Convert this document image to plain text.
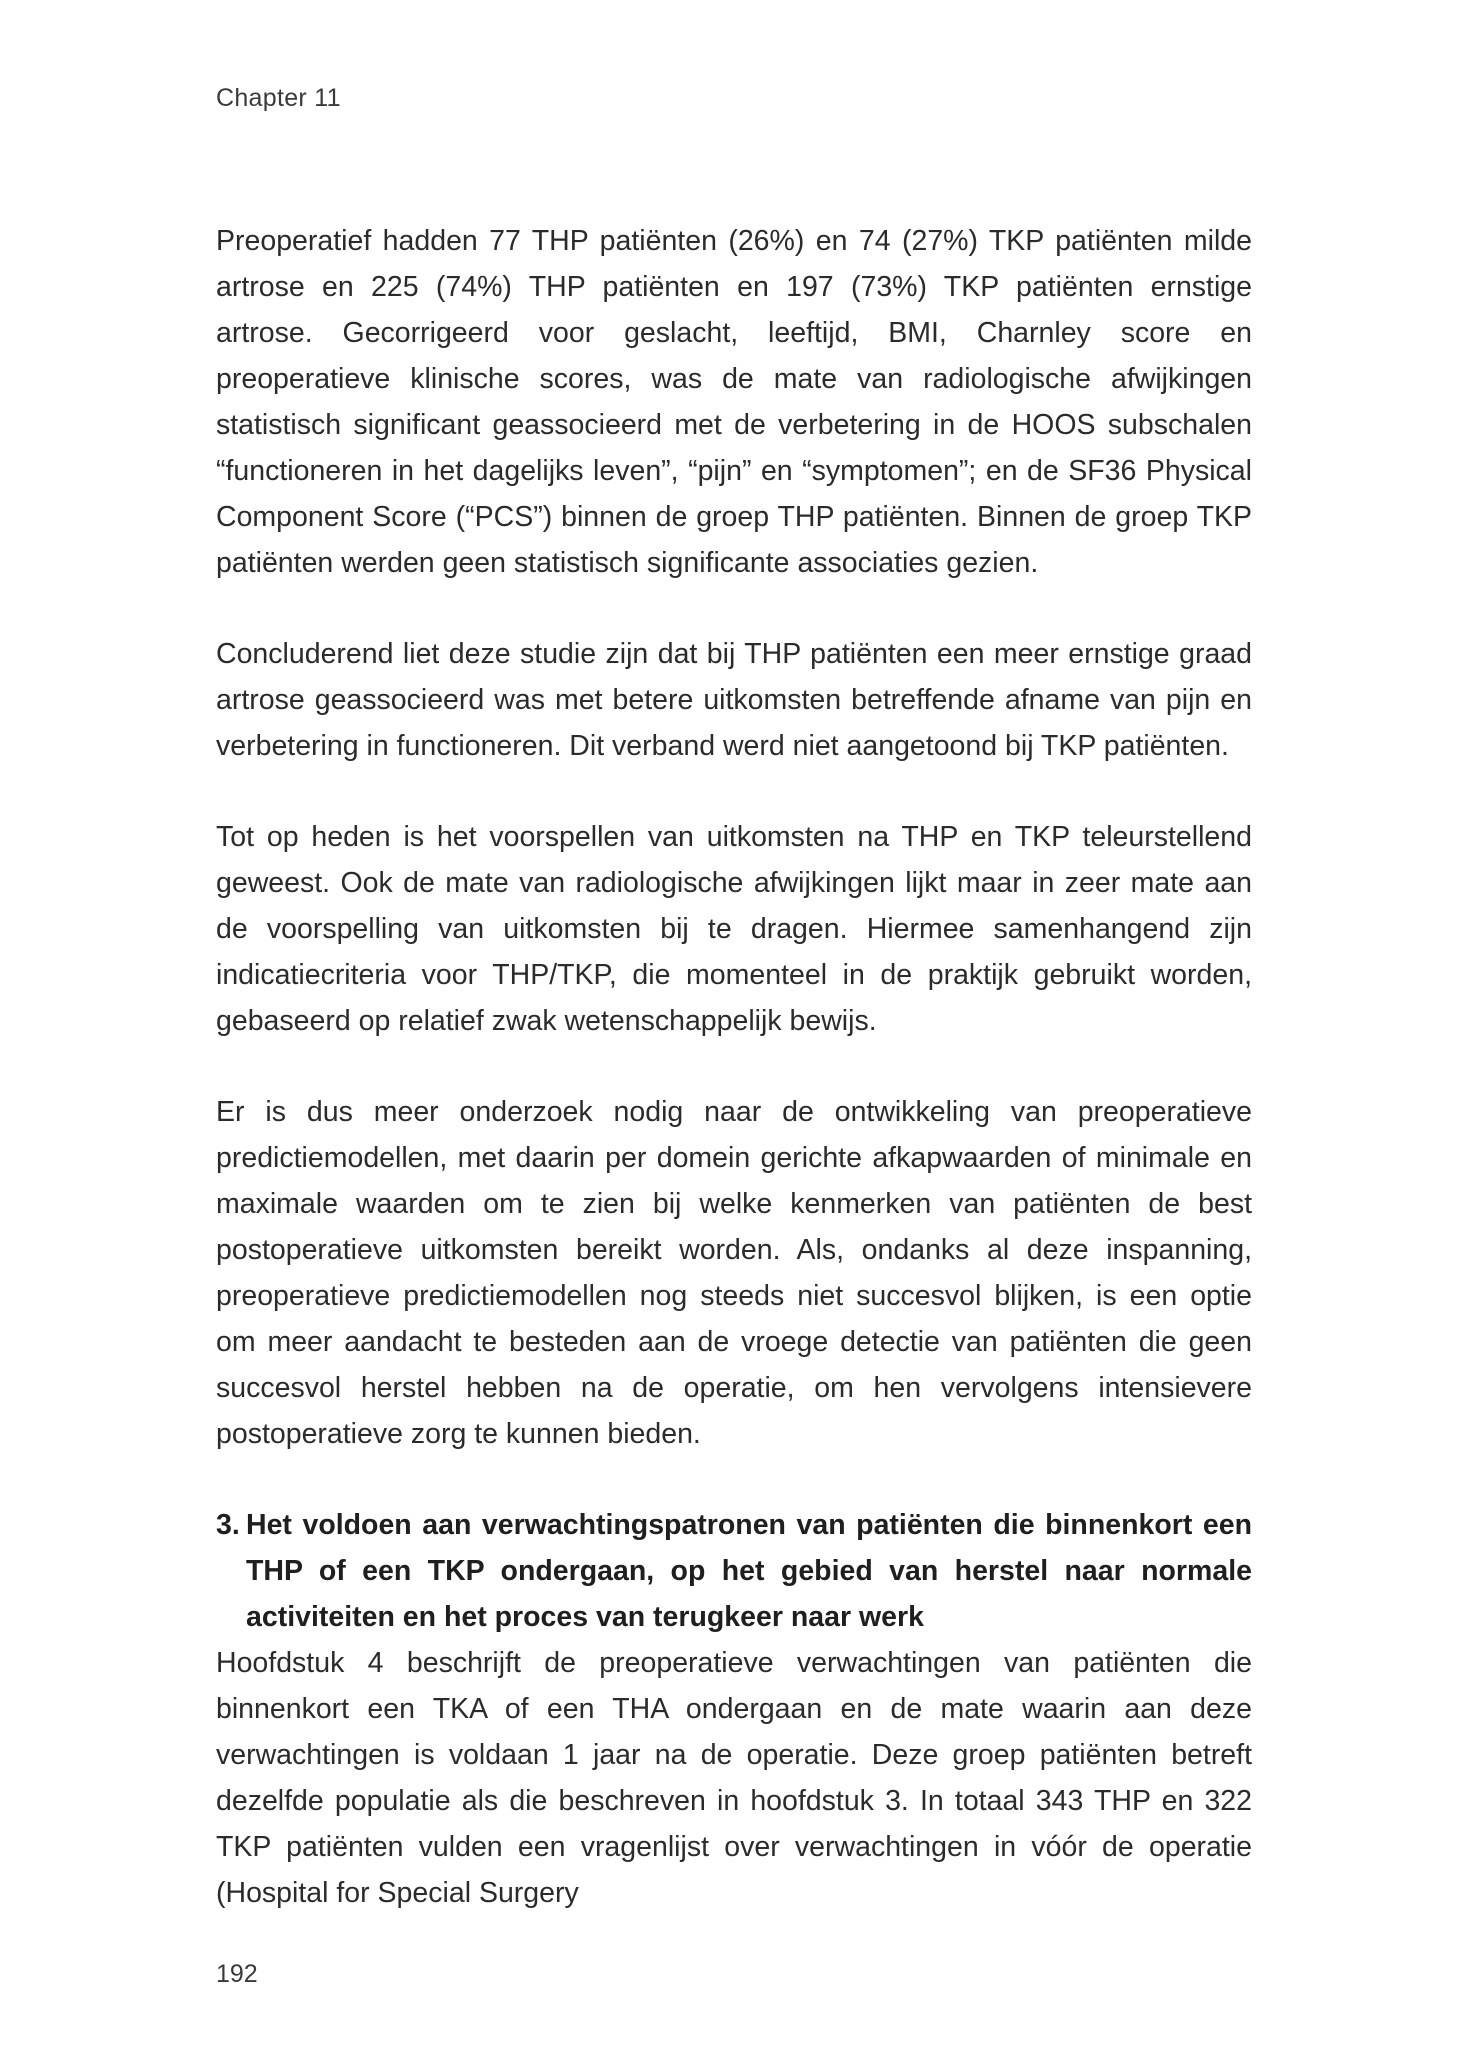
Chapter 11

Preoperatief hadden 77 THP patiënten (26%) en 74 (27%) TKP patiënten milde artrose en 225 (74%) THP patiënten en 197 (73%) TKP patiënten ernstige artrose. Gecorrigeerd voor geslacht, leeftijd, BMI, Charnley score en preoperatieve klinische scores, was de mate van radiologische afwijkingen statistisch significant geassocieerd met de verbetering in de HOOS subschalen “functioneren in het dagelijks leven”, “pijn” en “symptomen”; en de SF36 Physical Component Score (“PCS”) binnen de groep THP patiënten. Binnen de groep TKP patiënten werden geen statistisch significante associaties gezien.

Concluderend liet deze studie zijn dat bij THP patiënten een meer ernstige graad artrose geassocieerd was met betere uitkomsten betreffende afname van pijn en verbetering in functioneren. Dit verband werd niet aangetoond bij TKP patiënten.

Tot op heden is het voorspellen van uitkomsten na THP en TKP teleurstellend geweest. Ook de mate van radiologische afwijkingen lijkt maar in zeer mate aan de voorspelling van uitkomsten bij te dragen. Hiermee samenhangend zijn indicatiecriteria voor THP/TKP, die momenteel in de praktijk gebruikt worden, gebaseerd op relatief zwak wetenschappelijk bewijs.

Er is dus meer onderzoek nodig naar de ontwikkeling van preoperatieve predictiemodellen, met daarin per domein gerichte afkapwaarden of minimale en maximale waarden om te zien bij welke kenmerken van patiënten de best postoperatieve uitkomsten bereikt worden. Als, ondanks al deze inspanning, preoperatieve predictiemodellen nog steeds niet succesvol blijken, is een optie om meer aandacht te besteden aan de vroege detectie van patiënten die geen succesvol herstel hebben na de operatie, om hen vervolgens intensievere postoperatieve zorg te kunnen bieden.

3. Het voldoen aan verwachtingspatronen van patiënten die binnenkort een THP of een TKP ondergaan, op het gebied van herstel naar normale activiteiten en het proces van terugkeer naar werk

Hoofdstuk 4 beschrijft de preoperatieve verwachtingen van patiënten die binnenkort een TKA of een THA ondergaan en de mate waarin aan deze verwachtingen is voldaan 1 jaar na de operatie. Deze groep patiënten betreft dezelfde populatie als die beschreven in hoofdstuk 3. In totaal 343 THP en 322 TKP patiënten vulden een vragenlijst over verwachtingen in vóór de operatie (Hospital for Special Surgery

192
